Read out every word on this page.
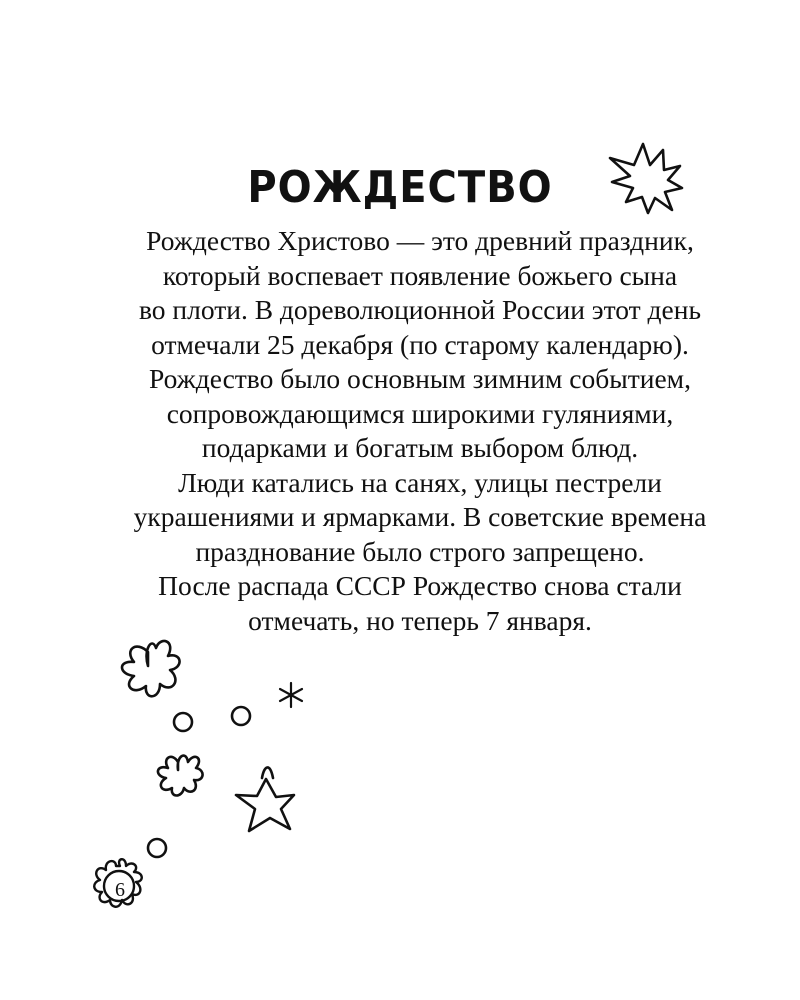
РОЖДЕСТВО

Рождество Христово — это древний праздник,
который воспевает появление божьего сына
во плоти. В дореволюционной России этот день
отмечали 25 декабря (по старому календарю).
Рождество было основным зимним событием,
сопровождающимся широкими гуляниями,
подарками и богатым выбором блюд.
Люди катались на санях, улицы пестрели
украшениями и ярмарками. В советские времена
празднование было строго запрещено.
После распада СССР Рождество снова стали
отмечать, но теперь 7 января.

6
